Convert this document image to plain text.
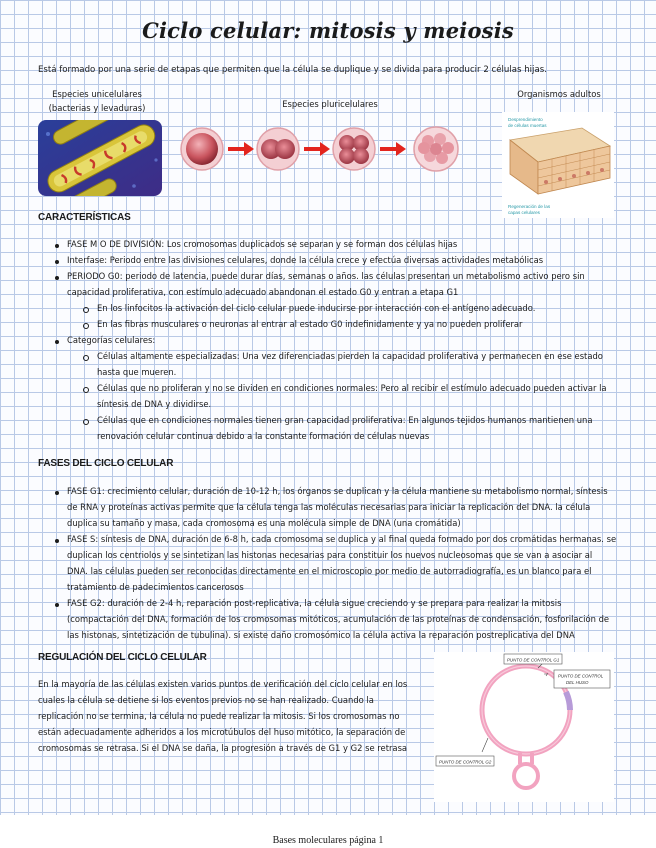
Ciclo celular: mitosis y meiosis
Está formado por una serie de etapas que permiten que la célula se duplique y se divida para producir 2 células hijas.
Especies unicelulares
(bacterias y levaduras)	Especies pluricelulares
Organismos adultos
Desprendimiento
de células muertas
Regeneración de las
capas celulares
CARACTERÍSTICAS
FASE M O DE DIVISIÓN: Los cromosomas duplicados se separan y se forman dos células hijas
Interfase: Periodo entre las divisiones celulares, donde la célula crece y efectúa diversas actividades metabólicas
PERIODO G0: periodo de latencia, puede durar días, semanas o años. las células presentan un metabolismo activo pero sin
capacidad proliferativa, con estímulo adecuado abandonan el estado G0 y entran a etapa G1
En los linfocitos la activación del ciclo celular puede inducirse por interacción con el antígeno adecuado.
En las fibras musculares o neuronas al entrar al estado G0 indefinidamente y ya no pueden proliferar
Categorías celulares:
Células altamente especializadas: Una vez diferenciadas pierden la capacidad proliferativa y permanecen en ese estado
hasta que mueren.
Células que no proliferan y no se dividen en condiciones normales: Pero al recibir el estímulo adecuado pueden activar la
síntesis de DNA y dividirse.
Células que en condiciones normales tienen gran capacidad proliferativa: En algunos tejidos humanos mantienen una
renovación celular continua debido a la constante formación de células nuevas
FASES DEL CICLO CELULAR
FASE G1: crecimiento celular, duración de 10-12 h, los órganos se duplican y la célula mantiene su metabolismo normal, síntesis
de RNA y proteínas activas permite que la célula tenga las moléculas necesarias para iniciar la replicación del DNA. la célula
duplica su tamaño y masa, cada cromosoma es una molécula simple de DNA (una cromátida)
FASE S: síntesis de DNA, duración de 6-8 h, cada cromosoma se duplica y al final queda formado por dos cromátidas hermanas. se
duplican los centriolos y se sintetizan las histonas necesarias para constituir los nuevos nucleosomas que se van a asociar al
DNA. las células pueden ser reconocidas directamente en el microscopio por medio de autorradiografía, es un blanco para el
tratamiento de padecimientos cancerosos
FASE G2: duración de 2-4 h, reparación post-replicativa, la célula sigue creciendo y se prepara para realizar la mitosis
(compactación del DNA, formación de los cromosomas mitóticos, acumulación de las proteínas de condensación, fosforilación de
las histonas, sintetización de tubulina). si existe daño cromosómico la célula activa la reparación postreplicativa del DNA
REGULACIÓN DEL CICLO CELULAR
En la mayoría de las células existen varios puntos de verificación del ciclo celular en los
cuales la célula se detiene si los eventos previos no se han realizado. Cuando la
replicación no se termina, la célula no puede realizar la mitosis. Si los cromosomas no
están adecuadamente adheridos a los microtúbulos del huso mitótico, la separación de
cromosomas se retrasa. Si el DNA se daña, la progresión a través de G1 y G2 se retrasa
PUNTO DE CONTROL G1
PUNTO DE CONTROL
DEL HUSO
PUNTO DE CONTROL G2
Bases moleculares página 1
